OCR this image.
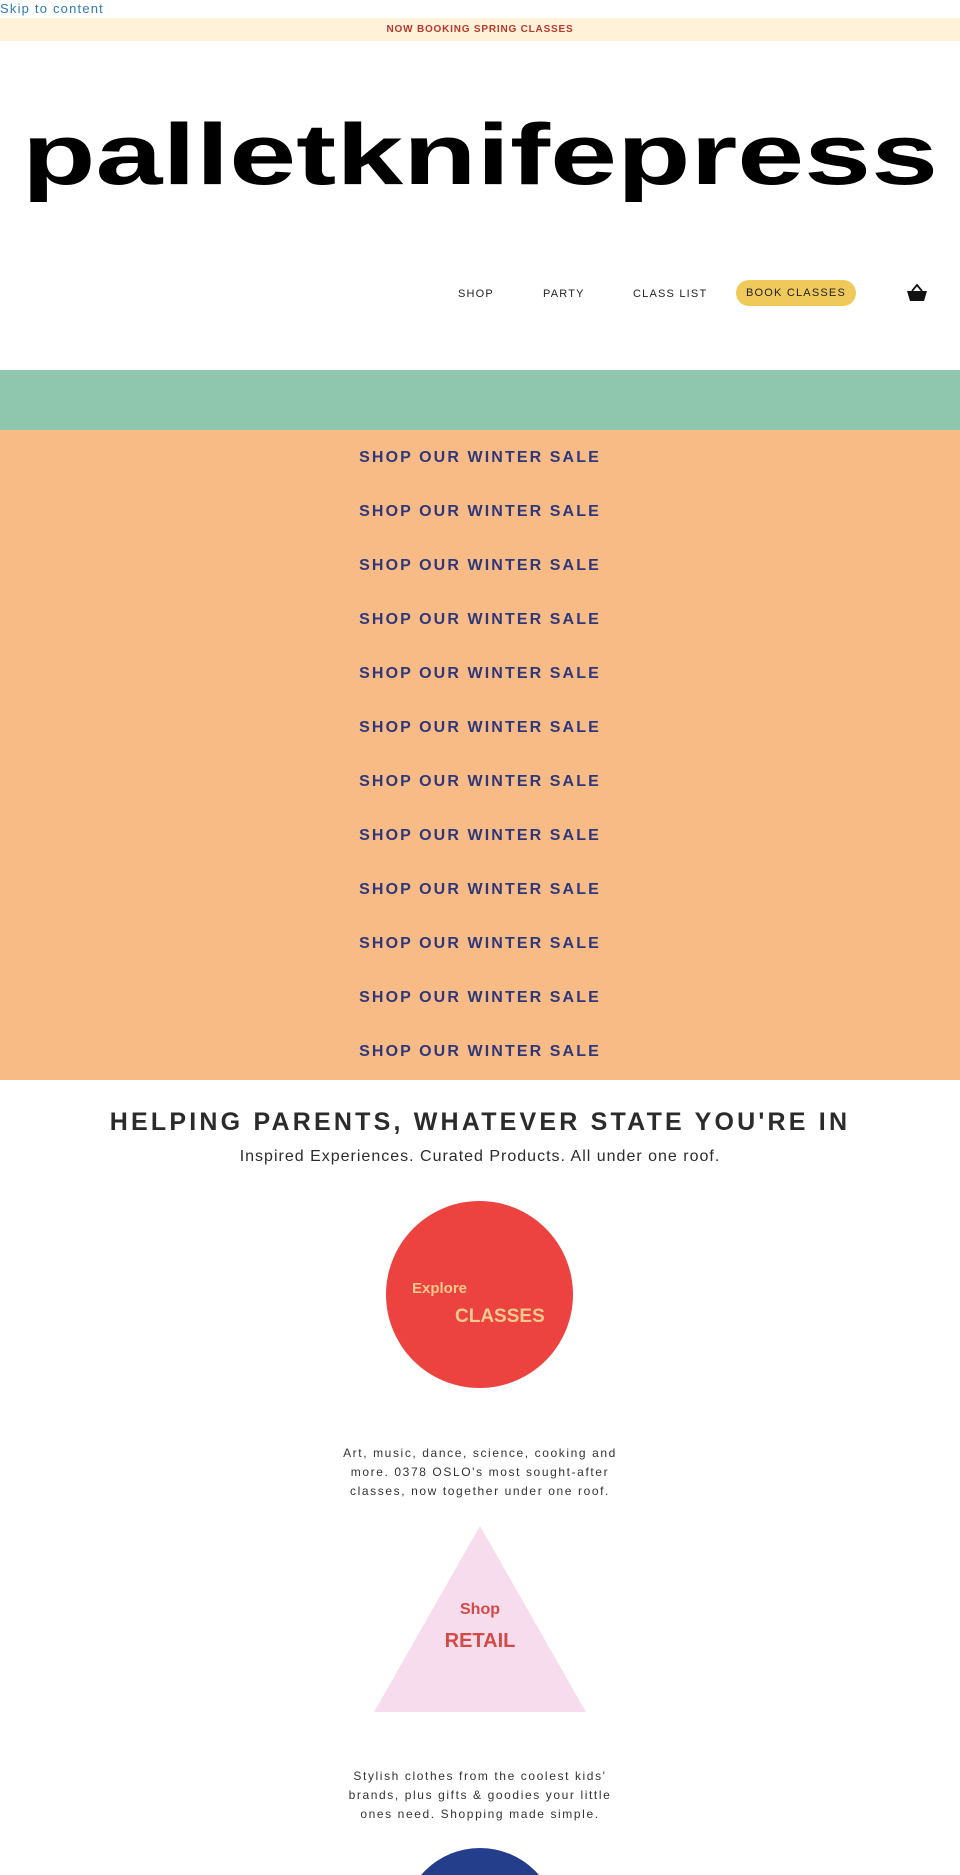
Skip to content
NOW BOOKING SPRING CLASSES
palletknifepress
SHOP	PARTY	CLASS LIST	BOOK CLASSES
SHOP OUR WINTER SALE
SHOP OUR WINTER SALE
SHOP OUR WINTER SALE
SHOP OUR WINTER SALE
SHOP OUR WINTER SALE
SHOP OUR WINTER SALE
SHOP OUR WINTER SALE
SHOP OUR WINTER SALE
SHOP OUR WINTER SALE
SHOP OUR WINTER SALE
SHOP OUR WINTER SALE
SHOP OUR WINTER SALE
HELPING PARENTS, WHATEVER STATE YOU'RE IN

Inspired Experiences. Curated Products. All under one roof.

Explore
CLASSES

Art, music, dance, science, cooking and more. 0378 OSLO's most sought-after classes, now together under one roof.

Shop
RETAIL

Stylish clothes from the coolest kids' brands, plus gifts & goodies your little ones need. Shopping made simple.
